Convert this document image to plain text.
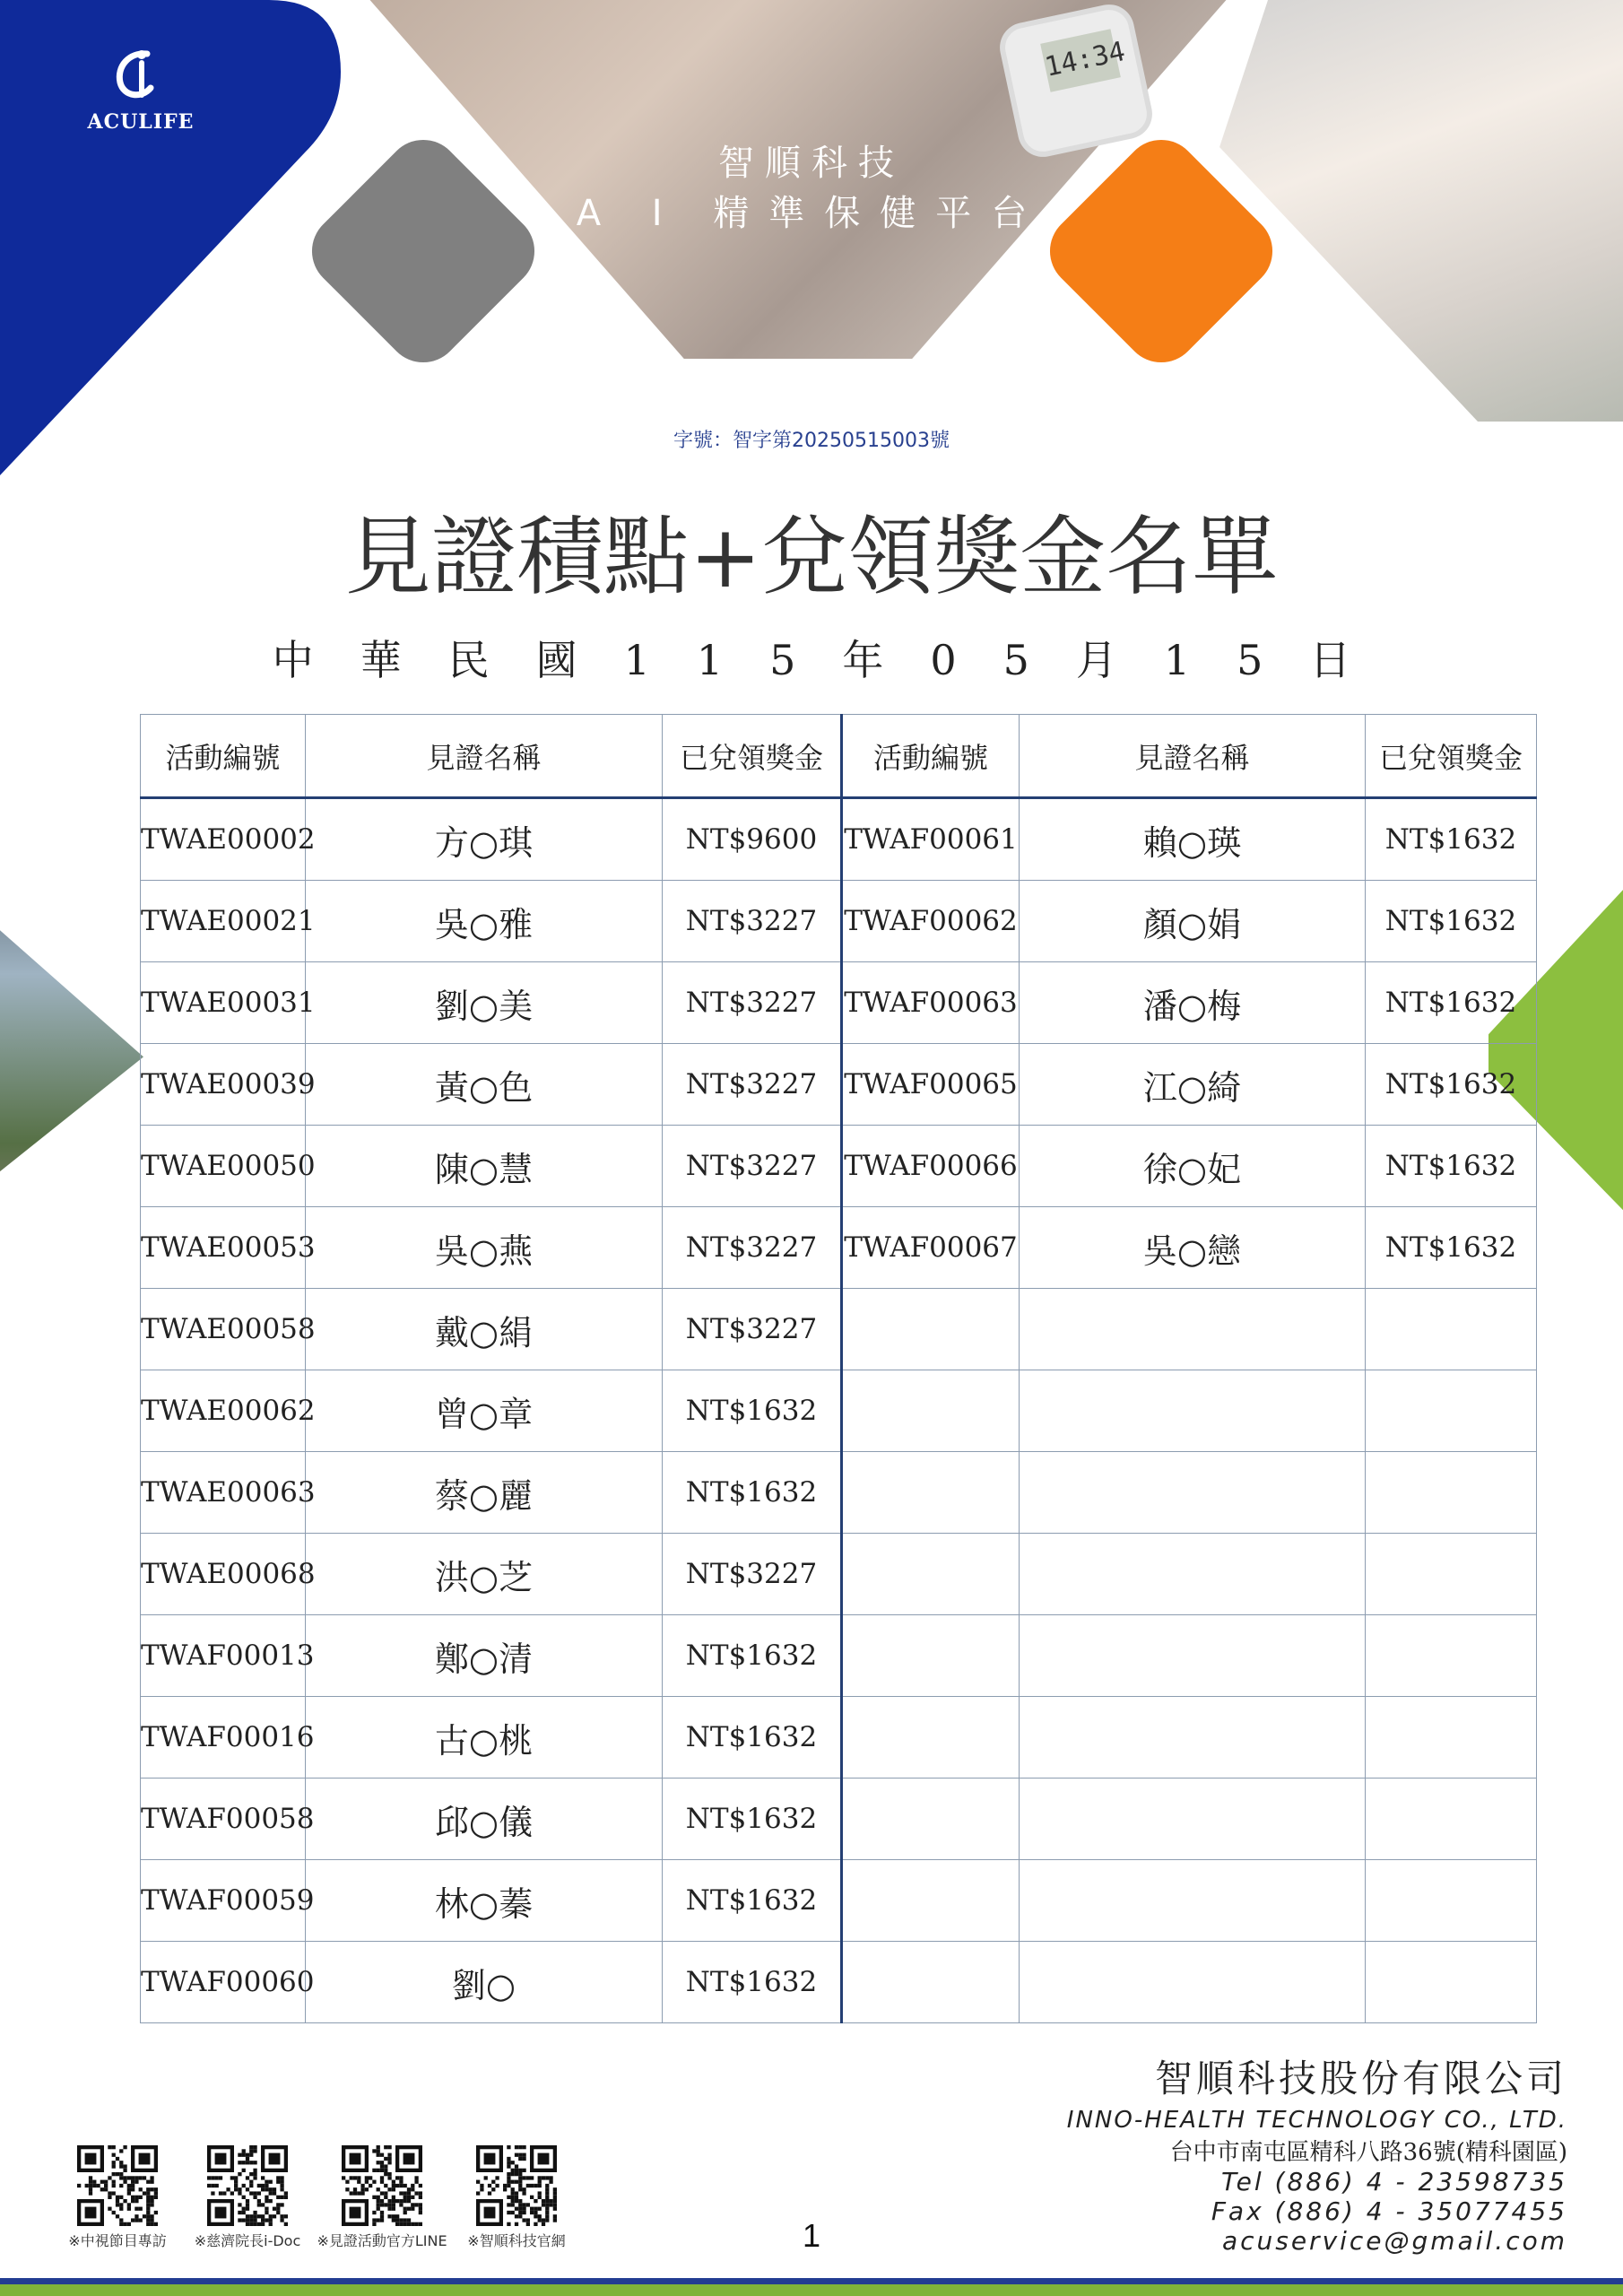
14:34
ACULIFE
智順科技
A I 精準保健平台
字號：智字第20250515003號
見證積點+兌領獎金名單
中華民國115年05月15日
活動編號	見證名稱	已兌領獎金	活動編號	見證名稱	已兌領獎金
TWAE00002	方○琪	NT$9600	TWAF00061	賴○瑛	NT$1632
TWAE00021	吳○雅	NT$3227	TWAF00062	顏○娟	NT$1632
TWAE00031	劉○美	NT$3227	TWAF00063	潘○梅	NT$1632
TWAE00039	黃○色	NT$3227	TWAF00065	江○綺	NT$1632
TWAE00050	陳○慧	NT$3227	TWAF00066	徐○妃	NT$1632
TWAE00053	吳○燕	NT$3227	TWAF00067	吳○戀	NT$1632
TWAE00058	戴○絹	NT$3227			
TWAE00062	曾○章	NT$1632			
TWAE00063	蔡○麗	NT$1632			
TWAE00068	洪○芝	NT$3227			
TWAF00013	鄭○清	NT$1632			
TWAF00016	古○桃	NT$1632			
TWAF00058	邱○儀	NT$1632			
TWAF00059	林○蓁	NT$1632			
TWAF00060	劉○	NT$1632			
※中視節目專訪	※慈濟院長i-Doc	※見證活動官方LINE	※智順科技官網	1
智順科技股份有限公司
INNO-HEALTH TECHNOLOGY CO., LTD.
台中市南屯區精科八路36號(精科園區)
Tel (886) 4 - 23598735
Fax (886) 4 - 35077455
acuservice@gmail.com
